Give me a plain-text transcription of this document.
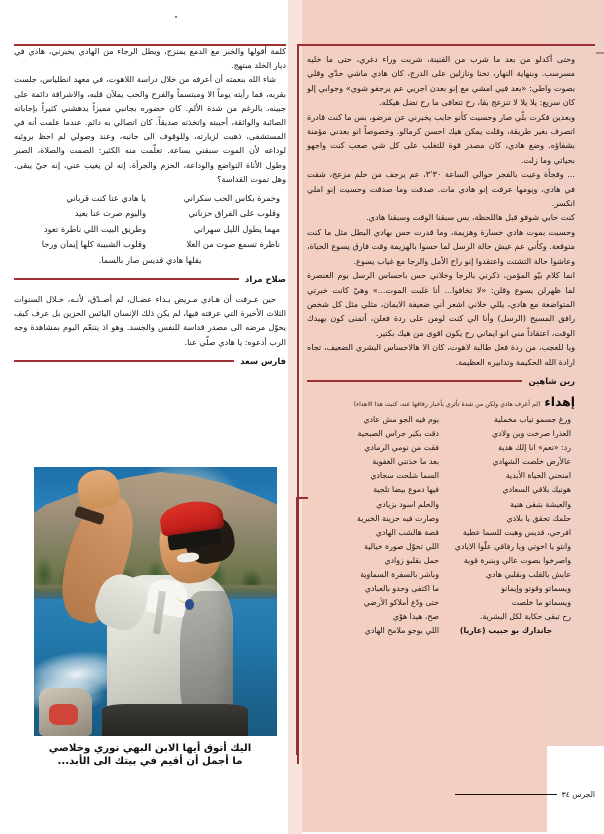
كلمة أقولها والخبر مع الدمع يمتزج، ويطل الرجاء من الهادي يخبرني، هادي في ديار الخلد مبتهج.

شاء الله بنعمته أن أعرفه من خلال دراسة اللاهوت، في معهد انطلياس، جلست بقربه، فما رأيته يوماً الا ومبتسماً والفرح والحب يملآن قلبه، والاشراقة دائمة على جبينه، بالرغم من شدة الألم. كان حضوره بجانبي مميزاً يدهشني كثيراً بإجاباته الصائبة والواثقة، أحببته واتخذته صديقاً. كان اتصالي به دائم. عندما علمت أنه في المستشفى، ذهبت لزيارته، وللوقوف الى جانبه، وعند وصولي لم احظ بروئيه لوداعه لأن الموت سبقني بساعة. تعلّمت منه الكثير: الصمت والصلاة، الصبر وطول الأناة التواضع والوداعة، الحزم والجرأة. إنه لن يغيب عني، إنه حيّ يبقى. وهل تموت القداسة؟

وخمرة بكاس الحب سكراني
يا هادي عنا كنت قرباني
وقلوب على الفراق حزناني
واليوم صرت عنا بعيد
مهما يطول الليل سهراني
وطريق البيت اللي ناطرة تعود
ناطرة تسمع صوت من العلا
وقلوب الشبيبة كلها إيمان ورجا
يقلها هادي قديس صار بالسما.
صلاح مراد

حين عـرفت أن هـادي مـريض بـداء عضـال، لم أصـدّق، لأنـه، خـلال السنوات الثلاث الأخيرة التي عرفته فيها، لم يكن ذلك الإنسان اليائس الحزين بل عرف كيف يحوّل مرضه الى مصدر قداسة للنفس والجسد. وهو اذ يتنعّم اليوم بمشاهدة وجه الرب أدعوه: يا هادي صلّي عنا.

فارس سعد
اليك أتوق أيها الابن البهي نوري وخلاصي
ما أجمل أن أقيم في بيتك الى الأبد...

وحتى أكدلو من بعد ما شرب من القنينة، شربت وراء دغري، حتى ما خليه مسرسب. وبنهاية النهار، تحنا ونازلين على الدرج، كان هادي ماشي حدّي وقلي بصوت واطي: «بعد فيي امشي مع إنو بعدن اجريي عم يرجفو شوي» وجوابي إلو كان سريع: يلا يلا لا تنزعج بقا، رح تتعافى ما رح تضل هيكله.

وبعدين فكرت بلّي صار وحسيت كأنو حابب يخبرني عن مرضو، بس ما كنت قادرة اتصرف بغير طريقة، وقلت يمكن هيك احسن كرمالو. وخصوصاً انو بعدني مؤمنة بشفاؤه. وضع هادي، كان مصدر قوة للتغلب على كل شي صعب كنت واجهو بحياتي وما زلت.

... وفجأة وعيت بالفجر حوالي الساعة ٣٬٣٠، عم يرجف من حلم مزعج، شفت في هادي، ويومها عرفت إنو هادي مات. صدقت وما صدقت وحسيت إنو املي انكسر.

كنت حابي شوفو قبل هاللحظة، بس سبقنا الوقت وسبقنا هادي.

وحسيت بموت هادي خسارة وهزيمة، وما قدرت حس بهادي البطل مثل ما كنت متوقعة. وكأني عم عيش حالة الرسل لما حسوا بالهزيمة وقت فارق يسوع الحياة، وعاشوا حالة التشتت واعتقدوا إنو راح الأمل والرجا مع غياب يسوع.

انما كلام بيّو المؤمن، ذكرني بالرجا وخلاني حس باحساس الرسل يوم العنصرة لما ظهرلن يسوع وقلن: «لا تخافوا... أنا غلبت الموت...» وهيّ كانت خبرتي المتواضعة مع هادي، يللي خلاني اشعر أني ضعيفة الايمان، مثلي مثل كل شخص رافق المسيح (الرسل) وأنا الي كنت لومن على ردة فعلن، أتمنى كون بهيدك الوقت، اعتقاداً مني انو ايماني رح يكون اقوى من هيك بكتير.

ويا للعجب، من ردة فعل طالبة لاهوت، كان الا هالاحساس البشري الضعيف، تجاه ارادة الله الحكيمة وتدابيره العظيمة.

رين شاهين
إهداء
(لم أعرف هادي ولكن من شدة تأثري بأخبار رفاقها عنه، كتبت هذا الاهداء)
ورغ جسمو تياب مخملية
يوم فيه الجو مش عادي
العذرا صرخت وين ولادي
دقت بكير جراس الصبحية
رد: «نعم» انا إلك هدية
فقت من نومي الرمادي
عالأرض خلصت الشهادي
بعد ما خذتني الغفوية
امنحني الحياة الأبدية
السما شلحت سجادي
هونيك بلاقي السعادي
فيها دموع بيضا تلجية
والعيشة بتبقى هنية
والحلم اسود بزيادي
حلمك تحقق يا بلادي
وصارت فيه حزينة الخبرية
افرحي، قديس وهبت للسما عطية
قصة هالشب الهادي
وانتو يا اخوتي ويا رفاقي علّوا الايادي
اللي تحوّل صورة خيالية
واصرخوا بصوت عالي وبنبرة قوية
حمل بقلبو زوادي
عايش بالقلب وبقلبي هادي
وباشر بالسفرة السماوية
ويسماتو وقوتو وإيمانو
ما اكتفى وحدو بالعبادي
ويسماتو ما خلصت
حتى ودّع أملاكو الأرضي
رح تبقى حكاية لكل البشرية.
صح، هيدا هوّي
جاندارك بو حبيب (عاريا)
اللي بوجو ملامح الهادي
الجرس ٣٤
